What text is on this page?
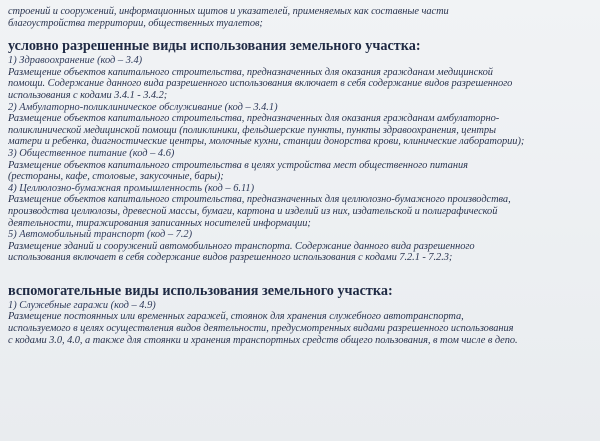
строений и сооружений, информационных щитов и указателей, применяемых как составные части
благоустройства территории, общественных туалетов;
условно разрешенные виды использования земельного участка:
1) Здравоохранение (код – 3.4)
Размещение объектов капитального строительства, предназначенных для оказания гражданам медицинской
помощи. Содержание данного вида разрешенного использования включает в себя содержание видов разрешенного
использования с кодами 3.4.1 - 3.4.2;
2) Амбулаторно-поликлиническое обслуживание (код – 3.4.1)
Размещение объектов капитального строительства, предназначенных для оказания гражданам амбулаторно-
поликлинической медицинской помощи (поликлиники, фельдшерские пункты, пункты здравоохранения, центры
матери и ребенка, диагностические центры, молочные кухни, станции донорства крови, клинические лаборатории);
3) Общественное питание (код – 4.6)
Размещение объектов капитального строительства в целях устройства мест общественного питания
(рестораны, кафе, столовые, закусочные, бары);
4) Целлюлозно-бумажная промышленность (код – 6.11)
Размещение объектов капитального строительства, предназначенных для целлюлозно-бумажного производства,
производства целлюлозы, древесной массы, бумаги, картона и изделий из них, издательской и полиграфической
деятельности, тиражирования записанных носителей информации;
5) Автомобильный транспорт (код – 7.2)
Размещение зданий и сооружений автомобильного транспорта. Содержание данного вида разрешенного
использования включает в себя содержание видов разрешенного использования с кодами 7.2.1 - 7.2.3;
вспомогательные виды использования земельного участка:
1) Служебные гаражи (код – 4.9)
Размещение постоянных или временных гаражей, стоянок для хранения служебного автотранспорта,
используемого в целях осуществления видов деятельности, предусмотренных видами разрешенного использования
с кодами 3.0, 4.0, а также для стоянки и хранения транспортных средств общего пользования, в том числе в депо.
